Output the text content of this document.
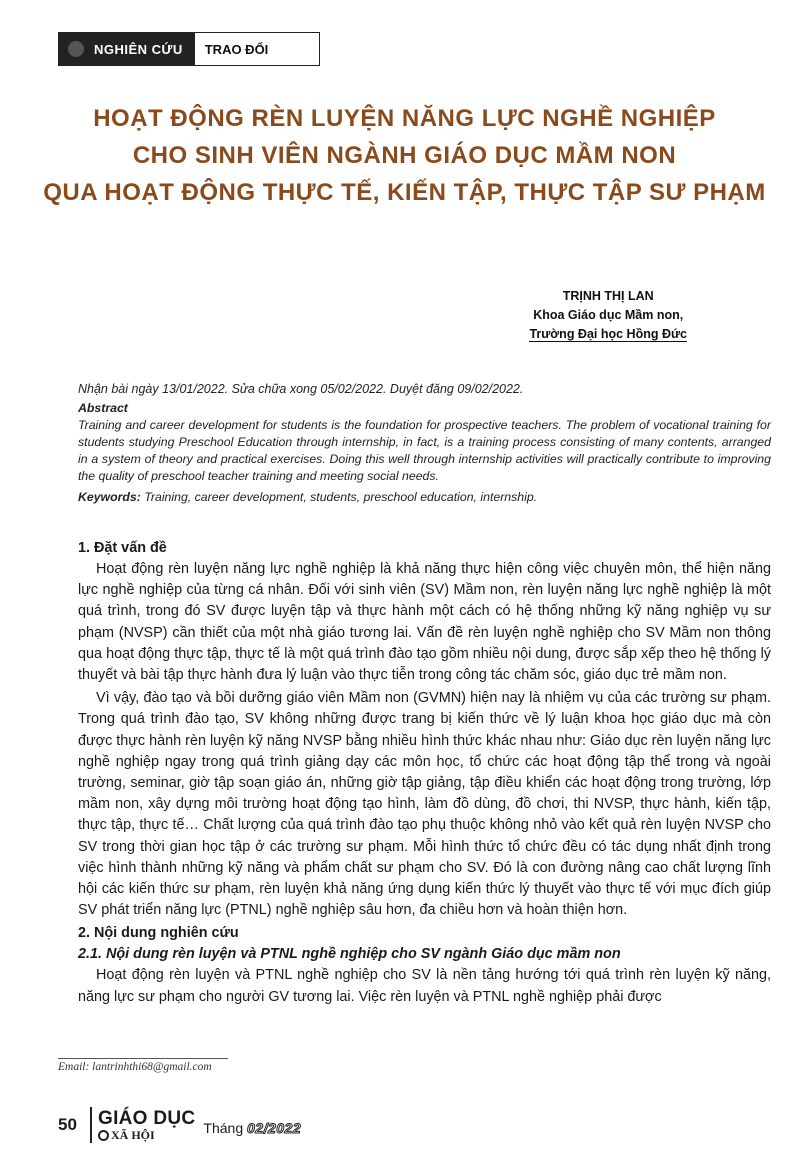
NGHIÊN CỨU TRAO ĐỔI
HOẠT ĐỘNG RÈN LUYỆN NĂNG LỰC NGHỀ NGHIỆP
CHO SINH VIÊN NGÀNH GIÁO DỤC MẦM NON
QUA HOẠT ĐỘNG THỰC TẾ, KIẾN TẬP, THỰC TẬP SƯ PHẠM
TRỊNH THỊ LAN
Khoa Giáo dục Mầm non,
Trường Đại học Hồng Đức
Nhận bài ngày 13/01/2022. Sửa chữa xong 05/02/2022. Duyệt đăng 09/02/2022.
Abstract

Training and career development for students is the foundation for prospective teachers. The problem of vocational training for students studying Preschool Education through internship, in fact, is a training process consisting of many contents, arranged in a system of theory and practical exercises. Doing this well through internship activities will practically contribute to improving the quality of preschool teacher training and meeting social needs.

Keywords: Training, career development, students, preschool education, internship.

1. Đặt vấn đề

Hoạt động rèn luyện năng lực nghề nghiệp là khả năng thực hiện công việc chuyên môn, thể hiện năng lực nghề nghiệp của từng cá nhân. Đối với sinh viên (SV) Mầm non, rèn luyện năng lực nghề nghiệp là một quá trình, trong đó SV được luyện tập và thực hành một cách có hệ thống những kỹ năng nghiệp vụ sư phạm (NVSP) cần thiết của một nhà giáo tương lai. Vấn đề rèn luyện nghề nghiệp cho SV Mầm non thông qua hoạt động thực tập, thực tế là một quá trình đào tạo gồm nhiều nội dung, được sắp xếp theo hệ thống lý thuyết và bài tập thực hành đưa lý luận vào thực tiễn trong công tác chăm sóc, giáo dục trẻ mầm non.

Vì vậy, đào tạo và bồi dưỡng giáo viên Mầm non (GVMN) hiện nay là nhiệm vụ của các trường sư phạm. Trong quá trình đào tạo, SV không những được trang bị kiến thức về lý luận khoa học giáo dục mà còn được thực hành rèn luyện kỹ năng NVSP bằng nhiều hình thức khác nhau như: Giáo dục rèn luyện năng lực nghề nghiệp ngay trong quá trình giảng dạy các môn học, tổ chức các hoạt động tập thể trong và ngoài trường, seminar, giờ tập soạn giáo án, những giờ tập giảng, tập điều khiển các hoạt động trong trường, lớp mầm non, xây dựng môi trường hoạt động tạo hình, làm đồ dùng, đồ chơi, thi NVSP, thực hành, kiến tập, thực tập, thực tế… Chất lượng của quá trình đào tạo phụ thuộc không nhỏ vào kết quả rèn luyện NVSP cho SV trong thời gian học tập ở các trường sư phạm. Mỗi hình thức tổ chức đều có tác dụng nhất định trong việc hình thành những kỹ năng và phẩm chất sư phạm cho SV. Đó là con đường nâng cao chất lượng lĩnh hội các kiến thức sư phạm, rèn luyện khả năng ứng dụng kiến thức lý thuyết vào thực tế với mục đích giúp SV phát triển năng lực (PTNL) nghề nghiệp sâu hơn, đa chiều hơn và hoàn thiện hơn.

2. Nội dung nghiên cứu
2.1. Nội dung rèn luyện và PTNL nghề nghiệp cho SV ngành Giáo dục mầm non

Hoạt động rèn luyện và PTNL nghề nghiệp cho SV là nền tảng hướng tới quá trình rèn luyện kỹ năng, năng lực sư phạm cho người GV tương lai. Việc rèn luyện và PTNL nghề nghiệp phải được

Email: lantrinhthi68@gmail.com
50	GIÁO DỤC
XÃ HỘI	Tháng 02/2022
